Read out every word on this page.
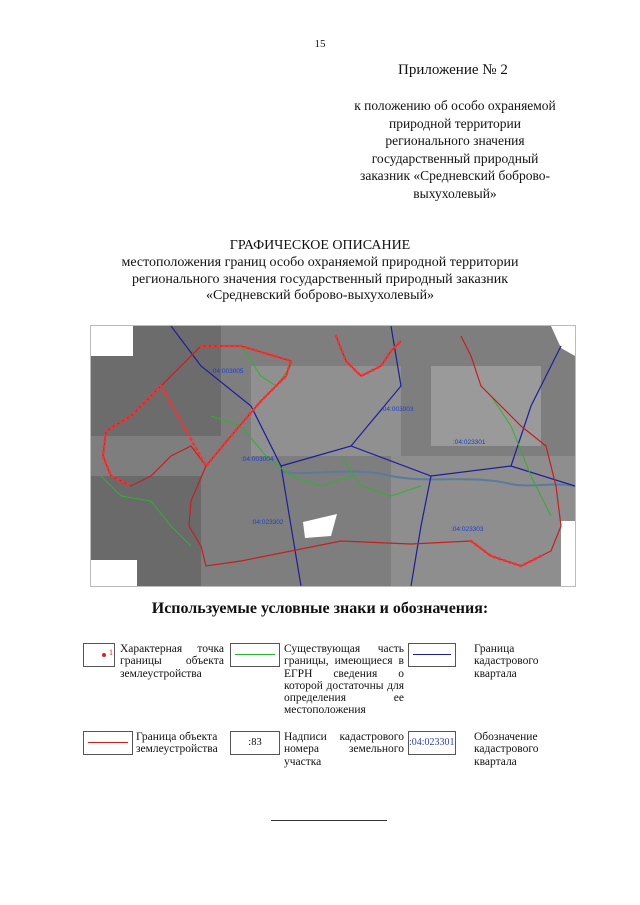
15
Приложение № 2
к положению об особо охраняемой
природной территории
регионального значения
государственный природный
заказник «Средневский боброво-
выхухолевый»
ГРАФИЧЕСКОЕ ОПИСАНИЕ
местоположения границ особо охраняемой природной территории
регионального значения государственный природный заказник
«Средневский боброво-выхухолевый»
:04:003005
:04:003003
:04:023301
:04:003004
:04:023302
:04:023303
Используемые условные знаки и обозначения:
1 Характерная точка границы объекта землеустройства
Существующая часть границы, имеющиеся в ЕГРН сведения о которой достаточны для определения ее местоположения
Граница кадастрового квартала
Граница объекта землеустройства
:83	Надписи кадастрового номера земельного участка
:04:023301 Обозначение кадастрового квартала
